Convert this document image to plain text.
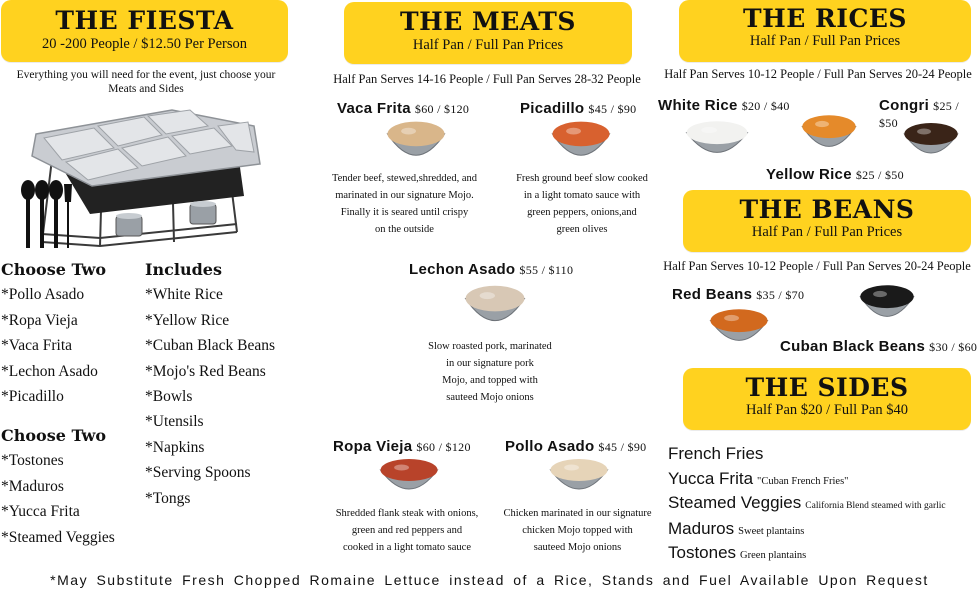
THE FIESTA
20 -200 People / $12.50 Per Person
Everything you will need for the event, just choose your Meats and Sides
Choose Two
*Pollo Asado
*Ropa Vieja
*Vaca Frita
*Lechon Asado
*Picadillo
Choose Two
*Tostones
*Maduros
*Yucca Frita
*Steamed Veggies
Includes
*White Rice
*Yellow Rice
*Cuban Black Beans
*Mojo's Red Beans
*Bowls
*Utensils
*Napkins
*Serving Spoons
*Tongs
THE MEATS
Half Pan / Full Pan Prices
Half Pan Serves 14-16 People / Full Pan Serves 28-32 People
Vaca Frita $60 / $120
Tender beef, stewed,shredded, and
marinated in our signature Mojo.
Finally it is seared until crispy
on the outside
Picadillo $45 / $90
Fresh ground beef slow cooked
in a light tomato sauce with
green peppers, onions,and
green olives
Lechon Asado $55 / $110
Slow roasted pork, marinated
in our signature pork
Mojo, and topped with
sauteed Mojo onions
Ropa Vieja $60 / $120
Shredded flank steak with onions,
green and red peppers and
cooked in a light tomato sauce
Pollo Asado $45 / $90
Chicken marinated in our signature
chicken Mojo topped with
sauteed Mojo onions
THE RICES
Half Pan / Full Pan Prices
Half Pan Serves 10-12 People / Full Pan Serves 20-24 People
White Rice $20 / $40	Congri $25 / $50
Yellow Rice $25 / $50
THE BEANS
Half Pan / Full Pan Prices
Half Pan Serves 10-12 People / Full Pan Serves 20-24 People
Red Beans $35 / $70
Cuban Black Beans $30 / $60
THE SIDES
Half Pan $20 / Full Pan $40
French Fries
Yucca Frita "Cuban French Fries"
Steamed Veggies California Blend steamed with garlic
Maduros Sweet plantains
Tostones Green plantains
*May Substitute Fresh Chopped Romaine Lettuce instead of a Rice, Stands and Fuel Available Upon Request
